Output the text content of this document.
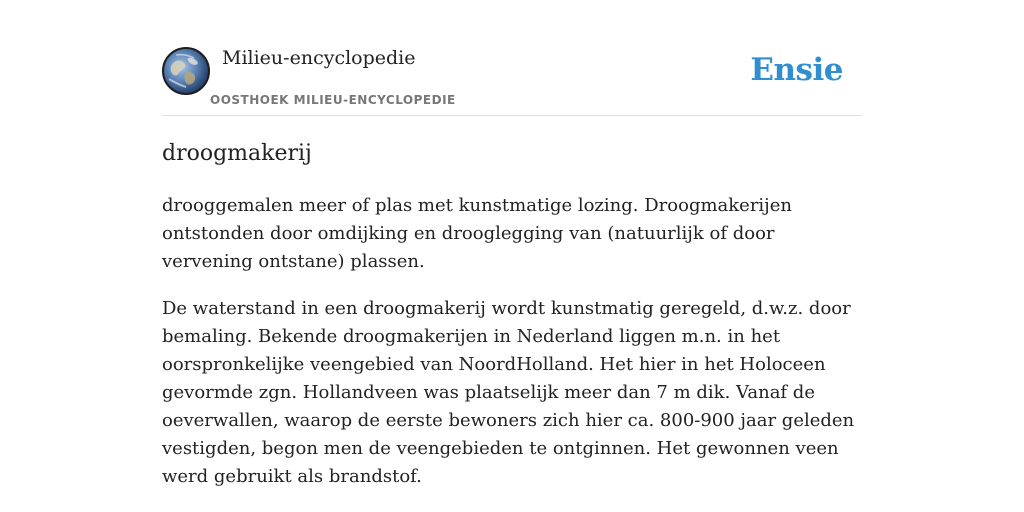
Milieu-encyclopedie
OOSTHOEK MILIEU-ENCYCLOPEDIE
Ensie
droogmakerij

drooggemalen meer of plas met kunstmatige lozing. Droogmakerijen ontstonden door omdijking en drooglegging van (natuurlijk of door vervening ontstane) plassen.

De waterstand in een droogmakerij wordt kunstmatig geregeld, d.w.z. door bemaling. Bekende droogmakerijen in Nederland liggen m.n. in het oorspronkelijke veengebied van NoordHolland. Het hier in het Holoceen gevormde zgn. Hollandveen was plaatselijk meer dan 7 m dik. Vanaf de oeverwallen, waarop de eerste bewoners zich hier ca. 800-900 jaar geleden vestigden, begon men de veengebieden te ontginnen. Het gewonnen veen werd gebruikt als brandstof.
